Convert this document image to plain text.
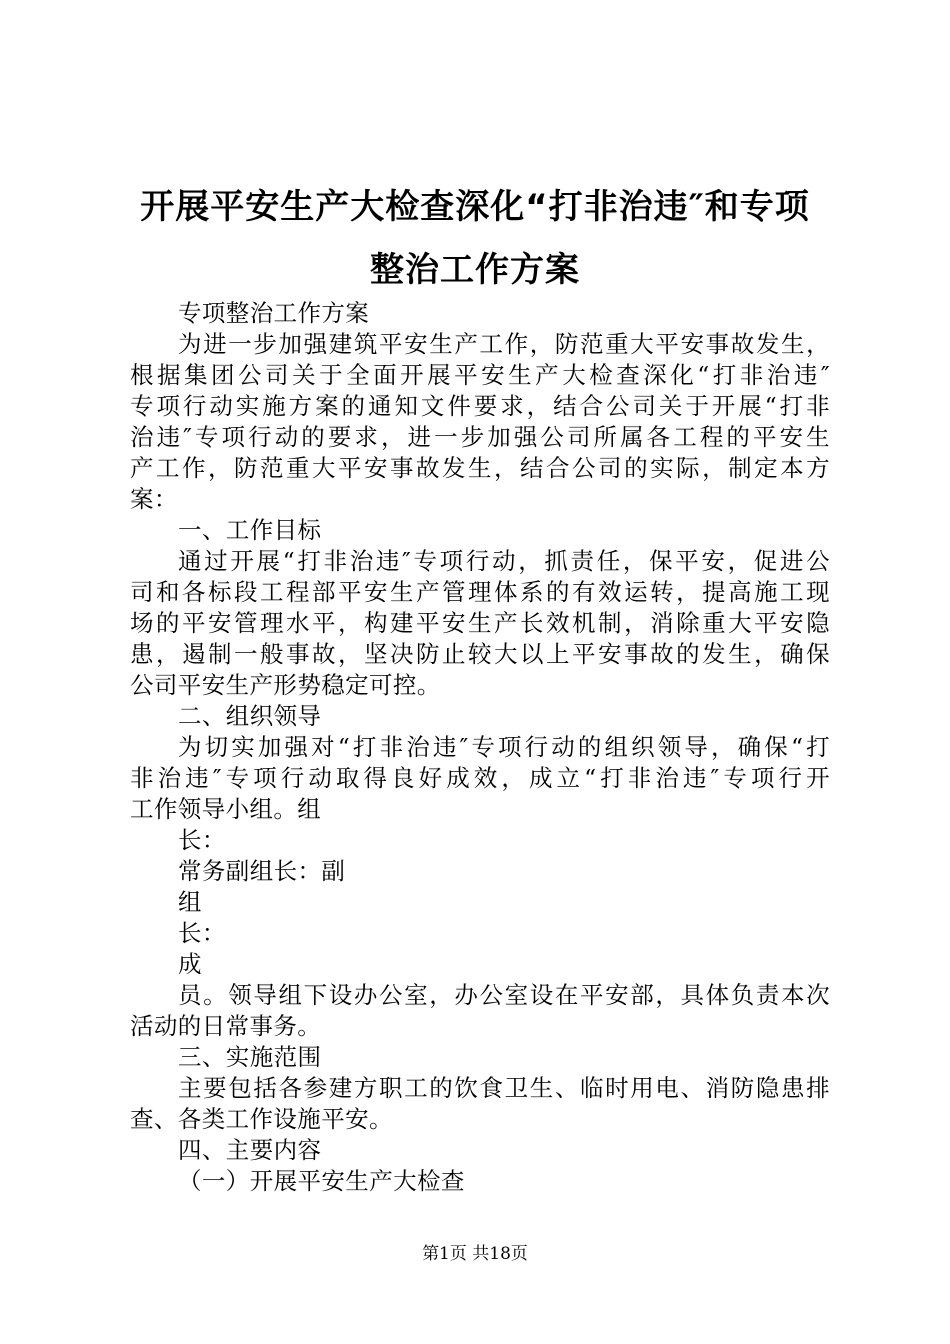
开展平安生产大检查深化“打非治违″和专项
整治工作方案
专项整治工作方案
为进一步加强建筑平安生产工作，防范重大平安事故发生，
根据集团公司关于全面开展平安生产大检查深化“打非治违″
专项行动实施方案的通知文件要求，结合公司关于开展“打非
治违″专项行动的要求，进一步加强公司所属各工程的平安生
产工作，防范重大平安事故发生，结合公司的实际，制定本方
案：
一、工作目标
通过开展“打非治违″专项行动，抓责任，保平安，促进公
司和各标段工程部平安生产管理体系的有效运转，提高施工现
场的平安管理水平，构建平安生产长效机制，消除重大平安隐
患，遏制一般事故，坚决防止较大以上平安事故的发生，确保
公司平安生产形势稳定可控。
二、组织领导
为切实加强对“打非治违″专项行动的组织领导，确保“打
非治违″专项行动取得良好成效，成立“打非治违″专项行开
工作领导小组。组
长：
常务副组长：副
组
长：
成
员。领导组下设办公室，办公室设在平安部，具体负责本次
活动的日常事务。
三、实施范围
主要包括各参建方职工的饮食卫生、临时用电、消防隐患排
查、各类工作设施平安。
四、主要内容
（一）开展平安生产大检查
第1页 共18页
